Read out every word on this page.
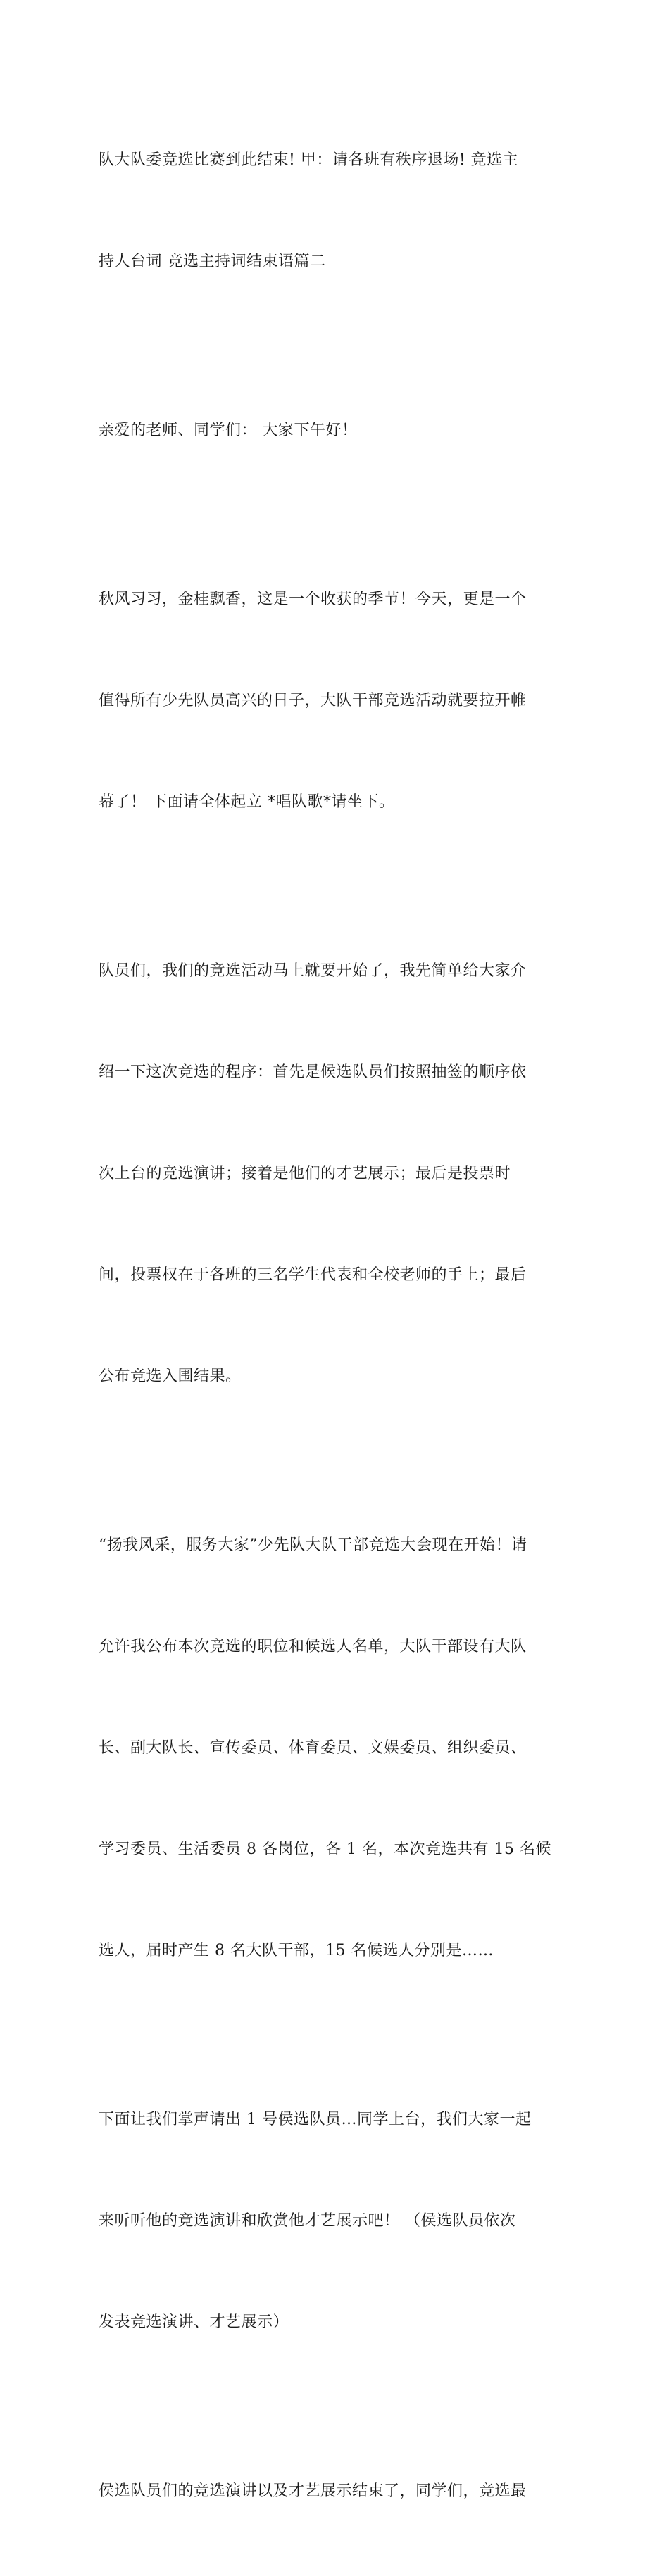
队大队委竞选比赛到此结束! 甲：请各班有秩序退场! 竞选主

持人台词 竞选主持词结束语篇二

亲爱的老师、同学们： 大家下午好！

秋风习习，金桂飘香，这是一个收获的季节！今天，更是一个

值得所有少先队员高兴的日子，大队干部竞选活动就要拉开帷

幕了！ 下面请全体起立 *唱队歌*请坐下。

队员们，我们的竞选活动马上就要开始了，我先简单给大家介

绍一下这次竞选的程序：首先是候选队员们按照抽签的顺序依

次上台的竞选演讲；接着是他们的才艺展示；最后是投票时

间，投票权在于各班的三名学生代表和全校老师的手上；最后

公布竞选入围结果。

“扬我风采，服务大家”少先队大队干部竞选大会现在开始！请

允许我公布本次竞选的职位和候选人名单，大队干部设有大队

长、副大队长、宣传委员、体育委员、文娱委员、组织委员、

学习委员、生活委员 8 各岗位，各 1 名，本次竞选共有 15 名候

选人，届时产生 8 名大队干部，15 名候选人分别是……

下面让我们掌声请出 1 号侯选队员…同学上台，我们大家一起

来听听他的竞选演讲和欣赏他才艺展示吧！ （侯选队员依次

发表竞选演讲、才艺展示）

侯选队员们的竞选演讲以及才艺展示结束了，同学们，竞选最
